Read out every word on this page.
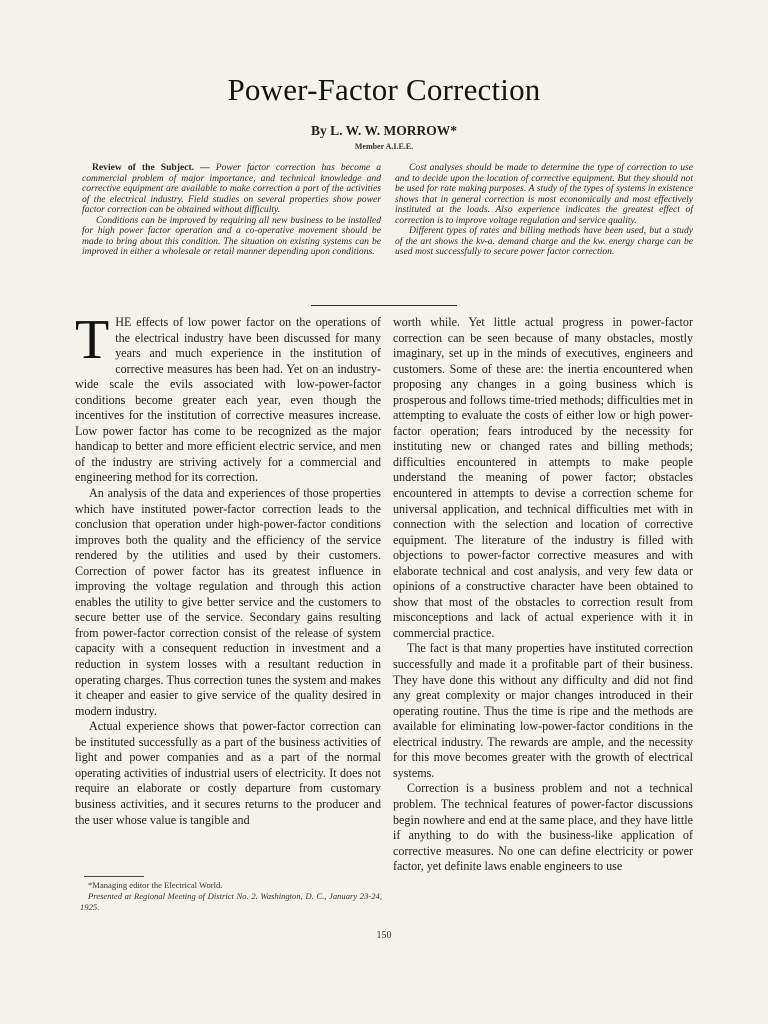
Power-Factor Correction
By L. W. W. MORROW*
Member A.I.E.E.

Review of the Subject. — Power factor correction has become a commercial problem of major importance, and technical knowledge and corrective equipment are available to make correction a part of the activities of the electrical industry. Field studies on several properties show power factor correction can be obtained without difficulty.

Conditions can be improved by requiring all new business to be installed for high power factor operation and a co-operative movement should be made to bring about this condition. The situation on existing systems can be improved in either a wholesale or retail manner depending upon conditions.

Cost analyses should be made to determine the type of correction to use and to decide upon the location of corrective equipment. But they should not be used for rate making purposes. A study of the types of systems in existence shows that in general correction is most economically and most effectively instituted at the loads. Also experience indicates the greatest effect of correction is to improve voltage regulation and service quality.

Different types of rates and billing methods have been used, but a study of the art shows the kv-a. demand charge and the kw. energy charge can be used most successfully to secure power factor correction.

THE effects of low power factor on the operations of the electrical industry have been discussed for many years and much experience in the institution of corrective measures has been had. Yet on an industry-wide scale the evils associated with low-power-factor conditions become greater each year, even though the incentives for the institution of corrective measures increase. Low power factor has come to be recognized as the major handicap to better and more efficient electric service, and men of the industry are striving actively for a commercial and engineering method for its correction.

An analysis of the data and experiences of those properties which have instituted power-factor correction leads to the conclusion that operation under high-power-factor conditions improves both the quality and the efficiency of the service rendered by the utilities and used by their customers. Correction of power factor has its greatest influence in improving the voltage regulation and through this action enables the utility to give better service and the customers to secure better use of the service. Secondary gains resulting from power-factor correction consist of the release of system capacity with a consequent reduction in investment and a reduction in system losses with a resultant reduction in operating charges. Thus correction tunes the system and makes it cheaper and easier to give service of the quality desired in modern industry.

Actual experience shows that power-factor correction can be instituted successfully as a part of the business activities of light and power companies and as a part of the normal operating activities of industrial users of electricity. It does not require an elaborate or costly departure from customary business activities, and it secures returns to the producer and the user whose value is tangible and

worth while. Yet little actual progress in power-factor correction can be seen because of many obstacles, mostly imaginary, set up in the minds of executives, engineers and customers. Some of these are: the inertia encountered when proposing any changes in a going business which is prosperous and follows time-tried methods; difficulties met in attempting to evaluate the costs of either low or high power-factor operation; fears introduced by the necessity for instituting new or changed rates and billing methods; difficulties encountered in attempts to make people understand the meaning of power factor; obstacles encountered in attempts to devise a correction scheme for universal application, and technical difficulties met with in connection with the selection and location of corrective equipment. The literature of the industry is filled with objections to power-factor corrective measures and with elaborate technical and cost analysis, and very few data or opinions of a constructive character have been obtained to show that most of the obstacles to correction result from misconceptions and lack of actual experience with it in commercial practice.

The fact is that many properties have instituted correction successfully and made it a profitable part of their business. They have done this without any difficulty and did not find any great complexity or major changes introduced in their operating routine. Thus the time is ripe and the methods are available for eliminating low-power-factor conditions in the electrical industry. The rewards are ample, and the necessity for this move becomes greater with the growth of electrical systems.

Correction is a business problem and not a technical problem. The technical features of power-factor discussions begin nowhere and end at the same place, and they have little if anything to do with the business-like application of corrective measures. No one can define electricity or power factor, yet definite laws enable engineers to use

*Managing editor the Electrical World.

Presented at Regional Meeting of District No. 2. Washington, D. C., January 23-24, 1925.

150
